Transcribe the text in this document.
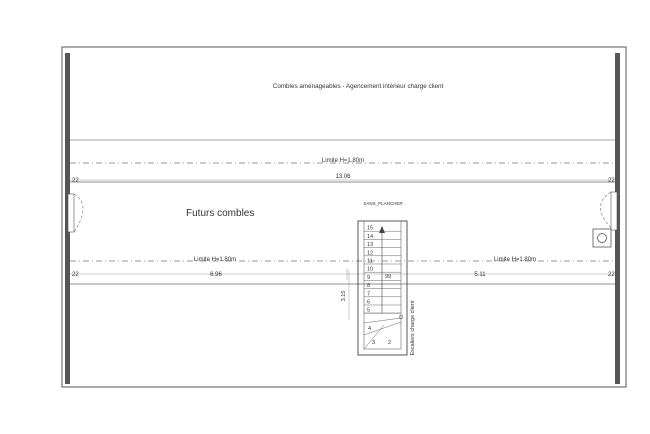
15
14
13
12
11
10
9
8
7
6
5
4
3 2
Combles aménageables - Agencement intérieur charge client
Limite H=1.80m
13.06
Futurs combles
SANS_PLANCHER
Limite H=1.80m	Limite H=1.80m
6.96	5.11
22	22
22	22
99
3.15
Escaliers charge client
